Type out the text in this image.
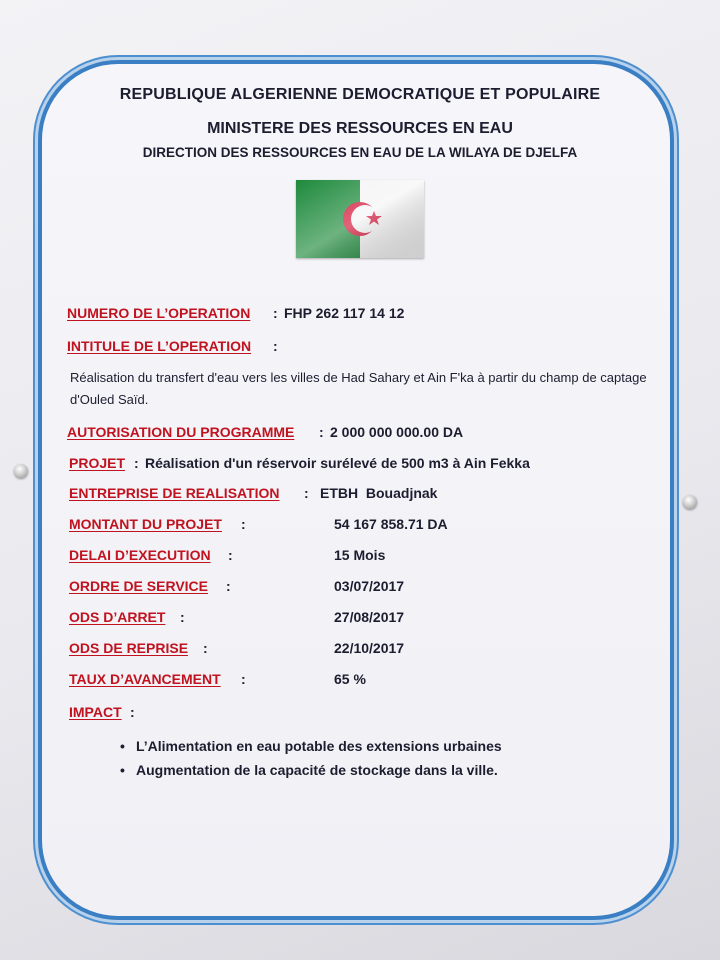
REPUBLIQUE ALGERIENNE DEMOCRATIQUE ET POPULAIRE
MINISTERE DES RESSOURCES EN EAU
DIRECTION DES RESSOURCES EN EAU DE LA WILAYA DE DJELFA
NUMERO DE L’OPERATION : FHP 262 117 14 12
INTITULE DE L’OPERATION :

Réalisation du transfert d'eau vers les villes de Had Sahary et Ain F'ka à partir du champ de captage d'Ouled Saïd.

AUTORISATION DU PROGRAMME : 2 000 000 000.00 DA
PROJET : Réalisation d'un réservoir surélevé de 500 m3 à Ain Fekka
ENTREPRISE DE REALISATION : ETBH  Bouadjnak
MONTANT DU PROJET :	54 167 858.71 DA
DELAI D’EXECUTION :	15 Mois
ORDRE DE SERVICE :	03/07/2017
ODS D’ARRET :	27/08/2017
ODS DE REPRISE :	22/10/2017
TAUX D’AVANCEMENT :	65 %
IMPACT :
• L’Alimentation en eau potable des extensions urbaines
• Augmentation de la capacité de stockage dans la ville.
